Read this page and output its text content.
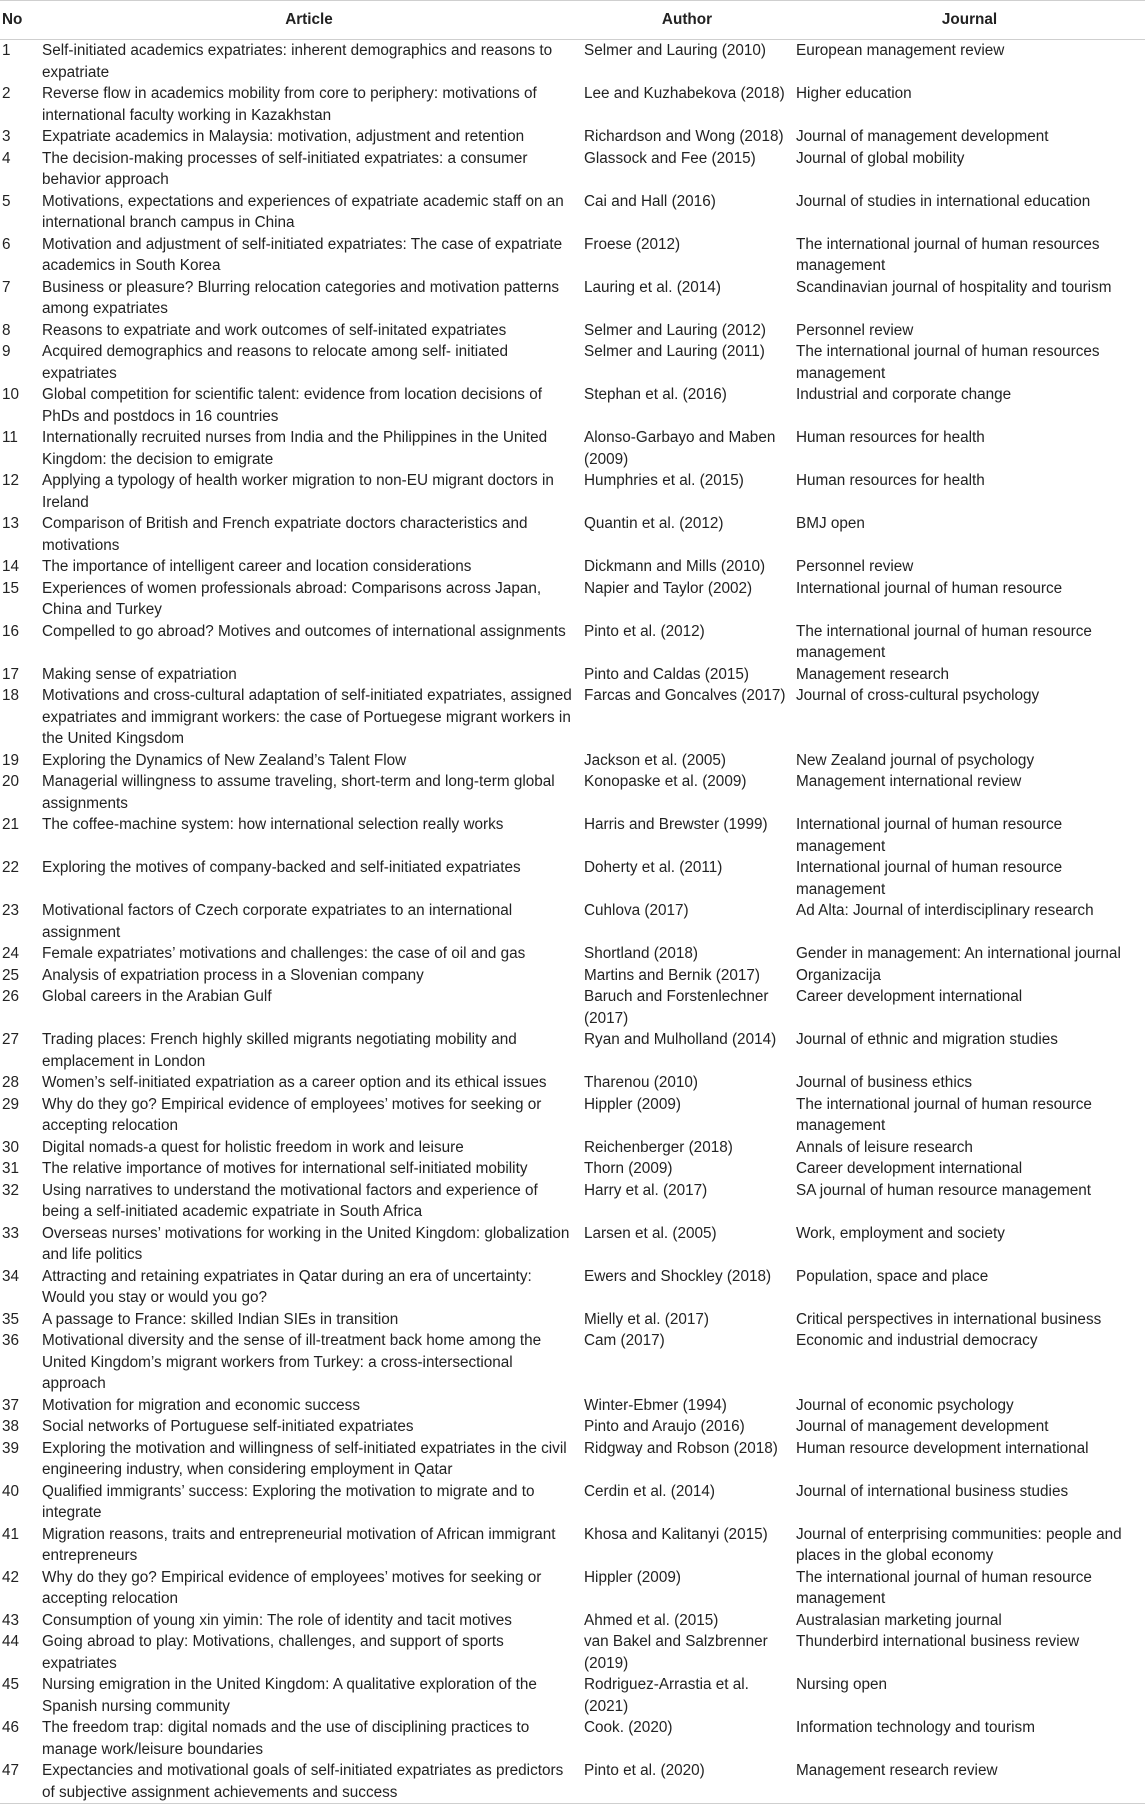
No	Article	Author	Journal
1	Self-initiated academics expatriates: inherent demographics and reasons to expatriate	Selmer and Lauring (2010)	European management review
2	Reverse flow in academics mobility from core to periphery: motivations of international faculty working in Kazakhstan	Lee and Kuzhabekova (2018)	Higher education
3	Expatriate academics in Malaysia: motivation, adjustment and retention	Richardson and Wong (2018)	Journal of management development
4	The decision-making processes of self-initiated expatriates: a consumer behavior approach	Glassock and Fee (2015)	Journal of global mobility
5	Motivations, expectations and experiences of expatriate academic staff on an international branch campus in China	Cai and Hall (2016)	Journal of studies in international education
6	Motivation and adjustment of self-initiated expatriates: The case of expatriate academics in South Korea	Froese (2012)	The international journal of human resources management
7	Business or pleasure? Blurring relocation categories and motivation patterns among expatriates	Lauring et al. (2014)	Scandinavian journal of hospitality and tourism
8	Reasons to expatriate and work outcomes of self-initated expatriates	Selmer and Lauring (2012)	Personnel review
9	Acquired demographics and reasons to relocate among self- initiated expatriates	Selmer and Lauring (2011)	The international journal of human resources management
10	Global competition for scientific talent: evidence from location decisions of PhDs and postdocs in 16 countries	Stephan et al. (2016)	Industrial and corporate change
11	Internationally recruited nurses from India and the Philippines in the United Kingdom: the decision to emigrate	Alonso-Garbayo and Maben (2009)	Human resources for health
12	Applying a typology of health worker migration to non-EU migrant doctors in Ireland	Humphries et al. (2015)	Human resources for health
13	Comparison of British and French expatriate doctors characteristics and motivations	Quantin et al. (2012)	BMJ open
14	The importance of intelligent career and location considerations	Dickmann and Mills (2010)	Personnel review
15	Experiences of women professionals abroad: Comparisons across Japan, China and Turkey	Napier and Taylor (2002)	International journal of human resource
16	Compelled to go abroad? Motives and outcomes of international assignments	Pinto et al. (2012)	The international journal of human resource management
17	Making sense of expatriation	Pinto and Caldas (2015)	Management research
18	Motivations and cross-cultural adaptation of self-initiated expatriates, assigned expatriates and immigrant workers: the case of Portuegese migrant workers in the United Kingsdom	Farcas and Goncalves (2017)	Journal of cross-cultural psychology
19	Exploring the Dynamics of New Zealand’s Talent Flow	Jackson et al. (2005)	New Zealand journal of psychology
20	Managerial willingness to assume traveling, short-term and long-term global assignments	Konopaske et al. (2009)	Management international review
21	The coffee-machine system: how international selection really works	Harris and Brewster (1999)	International journal of human resource management
22	Exploring the motives of company-backed and self-initiated expatriates	Doherty et al. (2011)	International journal of human resource management
23	Motivational factors of Czech corporate expatriates to an international assignment	Cuhlova (2017)	Ad Alta: Journal of interdisciplinary research
24	Female expatriates’ motivations and challenges: the case of oil and gas	Shortland (2018)	Gender in management: An international journal
25	Analysis of expatriation process in a Slovenian company	Martins and Bernik (2017)	Organizacija
26	Global careers in the Arabian Gulf	Baruch and Forstenlechner (2017)	Career development international
27	Trading places: French highly skilled migrants negotiating mobility and emplacement in London	Ryan and Mulholland (2014)	Journal of ethnic and migration studies
28	Women’s self-initiated expatriation as a career option and its ethical issues	Tharenou (2010)	Journal of business ethics
29	Why do they go? Empirical evidence of employees’ motives for seeking or accepting relocation	Hippler (2009)	The international journal of human resource management
30	Digital nomads-a quest for holistic freedom in work and leisure	Reichenberger (2018)	Annals of leisure research
31	The relative importance of motives for international self-initiated mobility	Thorn (2009)	Career development international
32	Using narratives to understand the motivational factors and experience of being a self-initiated academic expatriate in South Africa	Harry et al. (2017)	SA journal of human resource management
33	Overseas nurses’ motivations for working in the United Kingdom: globalization and life politics	Larsen et al. (2005)	Work, employment and society
34	Attracting and retaining expatriates in Qatar during an era of uncertainty: Would you stay or would you go?	Ewers and Shockley (2018)	Population, space and place
35	A passage to France: skilled Indian SIEs in transition	Mielly et al. (2017)	Critical perspectives in international business
36	Motivational diversity and the sense of ill-treatment back home among the United Kingdom’s migrant workers from Turkey: a cross-intersectional approach	Cam (2017)	Economic and industrial democracy
37	Motivation for migration and economic success	Winter-Ebmer (1994)	Journal of economic psychology
38	Social networks of Portuguese self-initiated expatriates	Pinto and Araujo (2016)	Journal of management development
39	Exploring the motivation and willingness of self-initiated expatriates in the civil engineering industry, when considering employment in Qatar	Ridgway and Robson (2018)	Human resource development international
40	Qualified immigrants’ success: Exploring the motivation to migrate and to integrate	Cerdin et al. (2014)	Journal of international business studies
41	Migration reasons, traits and entrepreneurial motivation of African immigrant entrepreneurs	Khosa and Kalitanyi (2015)	Journal of enterprising communities: people and places in the global economy
42	Why do they go? Empirical evidence of employees’ motives for seeking or accepting relocation	Hippler (2009)	The international journal of human resource management
43	Consumption of young xin yimin: The role of identity and tacit motives	Ahmed et al. (2015)	Australasian marketing journal
44	Going abroad to play: Motivations, challenges, and support of sports expatriates	van Bakel and Salzbrenner (2019)	Thunderbird international business review
45	Nursing emigration in the United Kingdom: A qualitative exploration of the Spanish nursing community	Rodriguez-Arrastia et al. (2021)	Nursing open
46	The freedom trap: digital nomads and the use of disciplining practices to manage work/leisure boundaries	Cook. (2020)	Information technology and tourism
47	Expectancies and motivational goals of self-initiated expatriates as predictors of subjective assignment achievements and success	Pinto et al. (2020)	Management research review
